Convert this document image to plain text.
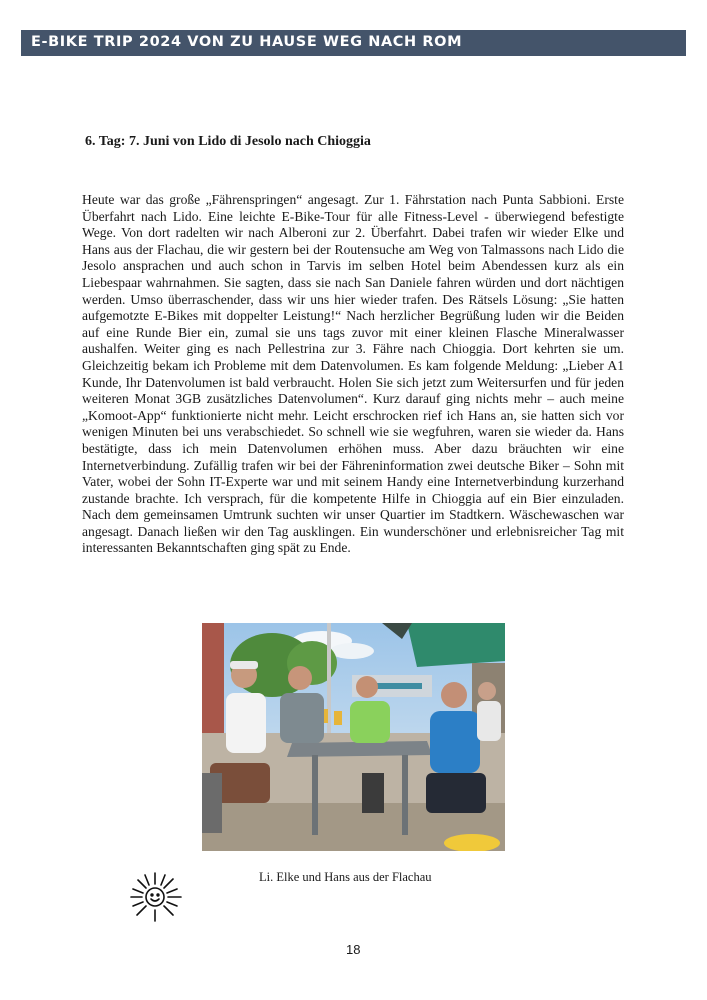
E-BIKE TRIP 2024 VON ZU HAUSE WEG NACH ROM
6. Tag: 7. Juni von Lido di Jesolo nach Chioggia

Heute war das große „Fährenspringen“ angesagt. Zur 1. Fährstation nach Punta Sabbioni. Erste Überfahrt nach Lido. Eine leichte E-Bike-Tour für alle Fitness-Level - überwiegend befestigte Wege. Von dort radelten wir nach Alberoni zur 2. Überfahrt. Dabei trafen wir wieder Elke und Hans aus der Flachau, die wir gestern bei der Routensuche am Weg von Talmassons nach Lido die Jesolo ansprachen und auch schon in Tarvis im selben Hotel beim Abendessen kurz als ein Liebespaar wahrnahmen. Sie sagten, dass sie nach San Daniele fahren würden und dort nächtigen werden. Umso überraschender, dass wir uns hier wieder trafen. Des Rätsels Lösung: „Sie hatten aufgemotzte E-Bikes mit doppelter Leistung!“ Nach herzlicher Begrüßung luden wir die Beiden auf eine Runde Bier ein, zumal sie uns tags zuvor mit einer kleinen Flasche Mineralwasser aushalfen. Weiter ging es nach Pellestrina zur 3. Fähre nach Chioggia. Dort kehrten sie um. Gleichzeitig bekam ich Probleme mit dem Datenvolumen. Es kam folgende Meldung: „Lieber A1 Kunde, Ihr Datenvolumen ist bald verbraucht. Holen Sie sich jetzt zum Weitersurfen und für jeden weiteren Monat 3GB zusätzliches Datenvolumen“. Kurz darauf ging nichts mehr – auch meine „Komoot-App“ funktionierte nicht mehr. Leicht erschrocken rief ich Hans an, sie hatten sich vor wenigen Minuten bei uns verabschiedet. So schnell wie sie wegfuhren, waren sie wieder da. Hans bestätigte, dass ich mein Datenvolumen erhöhen muss. Aber dazu bräuchten wir eine Internetverbindung. Zufällig trafen wir bei der Fähreninformation zwei deutsche Biker – Sohn mit Vater, wobei der Sohn IT-Experte war und mit seinem Handy eine Internetverbindung kurzerhand zustande brachte. Ich versprach, für die kompetente Hilfe in Chioggia auf ein Bier einzuladen. Nach dem gemeinsamen Umtrunk suchten wir unser Quartier im Stadtkern. Wäschewaschen war angesagt. Danach ließen wir den Tag ausklingen. Ein wunderschöner und erlebnisreicher Tag mit interessanten Bekanntschaften ging spät zu Ende.

Li. Elke und Hans aus der Flachau
18
